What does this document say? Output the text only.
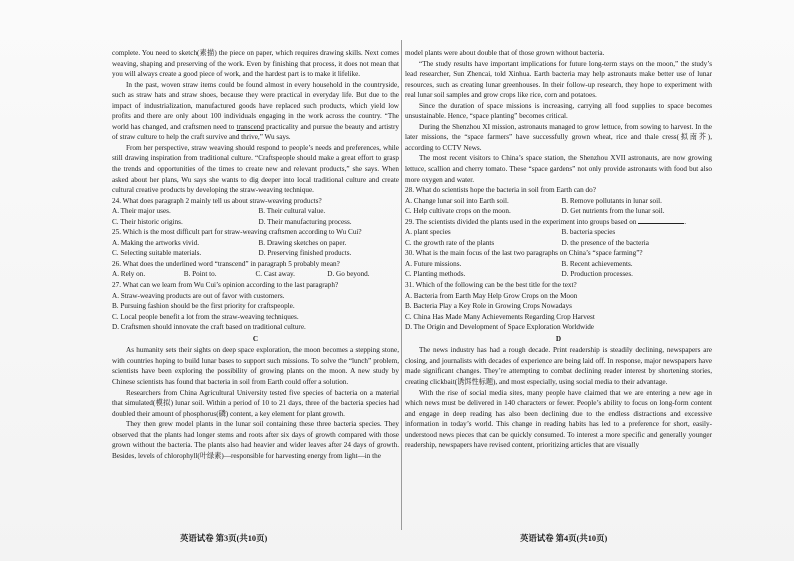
complete. You need to sketch(素描) the piece on paper, which requires drawing skills. Next comes weaving, shaping and preserving of the work. Even by finishing that process, it does not mean that you will always create a good piece of work, and the hardest part is to make it lifelike.

In the past, woven straw items could be found almost in every household in the countryside, such as straw hats and straw shoes, because they were practical in everyday life. But due to the impact of industrialization, manufactured goods have replaced such products, which yield low profits and there are only about 100 individuals engaging in the work across the country. “The world has changed, and craftsmen need to transcend practicality and pursue the beauty and artistry of straw culture to help the craft survive and thrive,” Wu says.

From her perspective, straw weaving should respond to people’s needs and preferences, while still drawing inspiration from traditional culture. “Craftspeople should make a great effort to grasp the trends and opportunities of the times to create new and relevant products,” she says. When asked about her plans, Wu says she wants to dig deeper into local traditional culture and create cultural creative products by developing the straw-weaving technique.

24. What does paragraph 2 mainly tell us about straw-weaving products?

A. Their major uses.	B. Their cultural value.
C. Their historic origins.	D. Their manufacturing process.

25. Which is the most difficult part for straw-weaving craftsmen according to Wu Cui?

A. Making the artworks vivid.	B. Drawing sketches on paper.
C. Selecting suitable materials.	D. Preserving finished products.

26. What does the underlined word “transcend” in paragraph 5 probably mean?

A. Rely on.	B. Point to.	C. Cast away.	D. Go beyond.

27. What can we learn from Wu Cui’s opinion according to the last paragraph?

A. Straw-weaving products are out of favor with customers.

B. Pursuing fashion should be the first priority for craftspeople.

C. Local people benefit a lot from the straw-weaving techniques.

D. Craftsmen should innovate the craft based on traditional culture.

C

As humanity sets their sights on deep space exploration, the moon becomes a stepping stone, with countries hoping to build lunar bases to support such missions. To solve the “lunch” problem, scientists have been exploring the possibility of growing plants on the moon. A new study by Chinese scientists has found that bacteria in soil from Earth could offer a solution.

Researchers from China Agricultural University tested five species of bacteria on a material that simulated(模拟) lunar soil. Within a period of 10 to 21 days, three of the bacteria species had doubled their amount of phosphorus(磷) content, a key element for plant growth.

They then grew model plants in the lunar soil containing these three bacteria species. They observed that the plants had longer stems and roots after six days of growth compared with those grown without the bacteria. The plants also had heavier and wider leaves after 24 days of growth. Besides, levels of chlorophyll(叶绿素)—responsible for harvesting energy from light—in the

model plants were about double that of those grown without bacteria.

“The study results have important implications for future long-term stays on the moon,” the study’s lead researcher, Sun Zhencai, told Xinhua. Earth bacteria may help astronauts make better use of lunar resources, such as creating lunar greenhouses. In their follow-up research, they hope to experiment with real lunar soil samples and grow crops like rice, corn and potatoes.

Since the duration of space missions is increasing, carrying all food supplies to space becomes unsustainable. Hence, “space planting” becomes critical.

During the Shenzhou XI mission, astronauts managed to grow lettuce, from sowing to harvest. In the later missions, the “space farmers” have successfully grown wheat, rice and thale cress(拟南芥), according to CCTV News.

The most recent visitors to China’s space station, the Shenzhou XVII astronauts, are now growing lettuce, scallion and cherry tomato. These “space gardens” not only provide astronauts with food but also more oxygen and water.

28. What do scientists hope the bacteria in soil from Earth can do?

A. Change lunar soil into Earth soil.	B. Remove pollutants in lunar soil.
C. Help cultivate crops on the moon.	D. Get nutrients from the lunar soil.

29. The scientists divided the plants used in the experiment into groups based on	.

A. plant species	B. bacteria species
C. the growth rate of the plants	D. the presence of the bacteria

30. What is the main focus of the last two paragraphs on China’s “space farming”?

A. Future missions.	B. Recent achievements.
C. Planting methods.	D. Production processes.

31. Which of the following can be the best title for the text?

A. Bacteria from Earth May Help Grow Crops on the Moon

B. Bacteria Play a Key Role in Growing Crops Nowadays

C. China Has Made Many Achievements Regarding Crop Harvest

D. The Origin and Development of Space Exploration Worldwide

D

The news industry has had a rough decade. Print readership is steadily declining, newspapers are closing, and journalists with decades of experience are being laid off. In response, major newspapers have made significant changes. They’re attempting to combat declining reader interest by shortening stories, creating clickbait(诱饵性标题), and most especially, using social media to their advantage.

With the rise of social media sites, many people have claimed that we are entering a new age in which news must be delivered in 140 characters or fewer. People’s ability to focus on long-form content and engage in deep reading has also been declining due to the endless distractions and excessive information in today’s world. This change in reading habits has led to a preference for short, easily-understood news pieces that can be quickly consumed. To interest a more specific and generally younger readership, newspapers have revised content, prioritizing articles that are visually

英语试卷 第3页(共10页)	英语试卷 第4页(共10页)
